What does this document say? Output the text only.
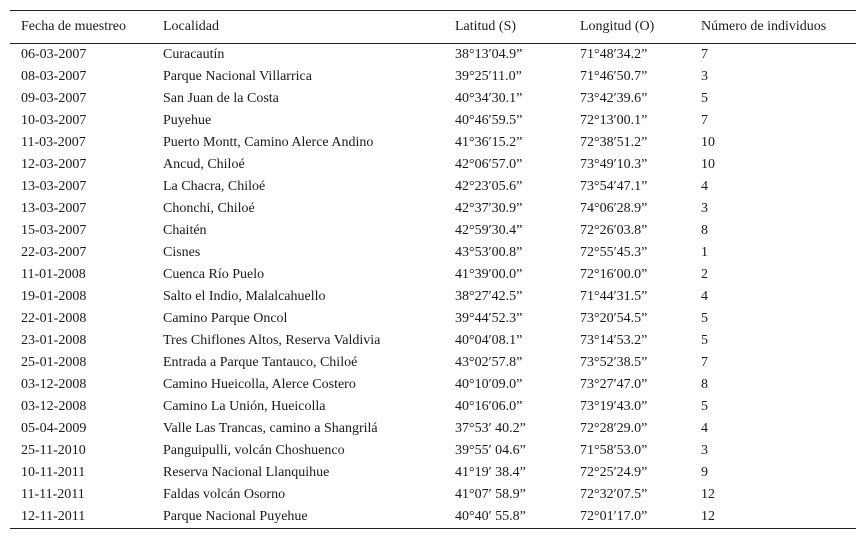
Fecha de muestreo	Localidad	Latitud (S)	Longitud (O)	Número de individuos
06-03-2007	Curacautín	38°13′04.9”	71°48′34.2”	7
08-03-2007	Parque Nacional Villarrica	39°25′11.0”	71°46′50.7”	3
09-03-2007	San Juan de la Costa	40°34′30.1”	73°42′39.6”	5
10-03-2007	Puyehue	40°46′59.5”	72°13′00.1”	7
11-03-2007	Puerto Montt, Camino Alerce Andino	41°36′15.2”	72°38′51.2”	10
12-03-2007	Ancud, Chiloé	42°06′57.0”	73°49′10.3”	10
13-03-2007	La Chacra, Chiloé	42°23′05.6”	73°54′47.1”	4
13-03-2007	Chonchi, Chiloé	42°37′30.9”	74°06′28.9”	3
15-03-2007	Chaitén	42°59′30.4”	72°26′03.8”	8
22-03-2007	Cisnes	43°53′00.8”	72°55′45.3”	1
11-01-2008	Cuenca Río Puelo	41°39′00.0”	72°16′00.0”	2
19-01-2008	Salto el Indio, Malalcahuello	38°27′42.5”	71°44′31.5”	4
22-01-2008	Camino Parque Oncol	39°44′52.3”	73°20′54.5”	5
23-01-2008	Tres Chiflones Altos, Reserva Valdivia	40°04′08.1”	73°14′53.2”	5
25-01-2008	Entrada a Parque Tantauco, Chiloé	43°02′57.8”	73°52′38.5”	7
03-12-2008	Camino Hueicolla, Alerce Costero	40°10′09.0”	73°27′47.0”	8
03-12-2008	Camino La Unión, Hueicolla	40°16′06.0”	73°19′43.0”	5
05-04-2009	Valle Las Trancas, camino a Shangrilá	37°53′ 40.2”	72°28′29.0”	4
25-11-2010	Panguipulli, volcán Choshuenco	39°55′ 04.6”	71°58′53.0”	3
10-11-2011	Reserva Nacional Llanquihue	41°19′ 38.4”	72°25′24.9”	9
11-11-2011	Faldas volcán Osorno	41°07′ 58.9”	72°32′07.5”	12
12-11-2011	Parque Nacional Puyehue	40°40′ 55.8”	72°01′17.0”	12
